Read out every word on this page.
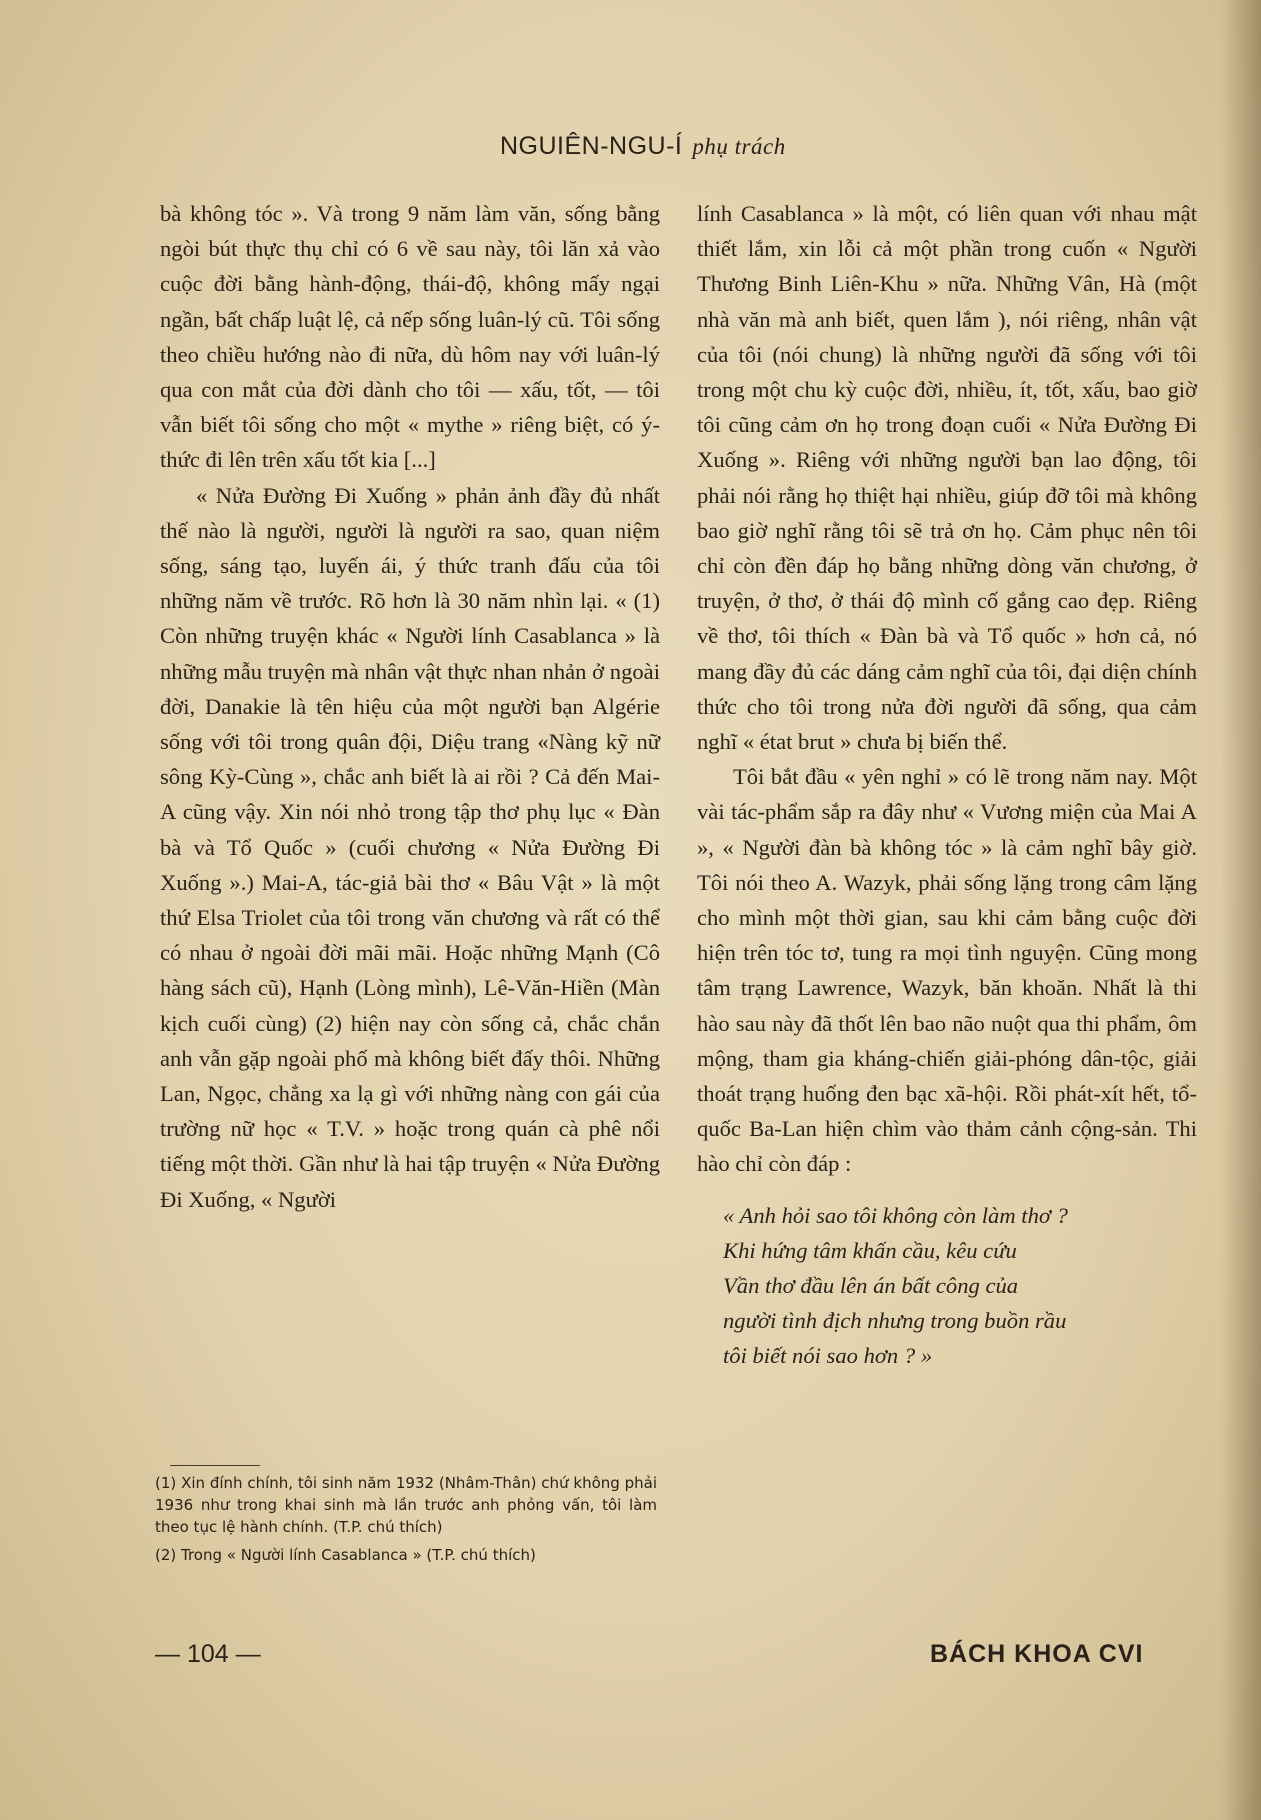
NGUIÊN-NGU-Í phụ trách

bà không tóc ». Và trong 9 năm làm văn, sống bằng ngòi bút thực thụ chỉ có 6 về sau này, tôi lăn xả vào cuộc đời bằng hành-động, thái-độ, không mấy ngại ngần, bất chấp luật lệ, cả nếp sống luân-lý cũ. Tôi sống theo chiều hướng nào đi nữa, dù hôm nay với luân-lý qua con mắt của đời dành cho tôi — xấu, tốt, — tôi vẫn biết tôi sống cho một « mythe » riêng biệt, có ý-thức đi lên trên xấu tốt kia [...]

« Nửa Đường Đi Xuống » phản ảnh đầy đủ nhất thế nào là người, người là người ra sao, quan niệm sống, sáng tạo, luyến ái, ý thức tranh đấu của tôi những năm về trước. Rõ hơn là 30 năm nhìn lại. « (1) Còn những truyện khác « Người lính Casablanca » là những mẫu truyện mà nhân vật thực nhan nhản ở ngoài đời, Danakie là tên hiệu của một người bạn Algérie sống với tôi trong quân đội, Diệu trang «Nàng kỹ nữ sông Kỳ-Cùng », chắc anh biết là ai rồi ? Cả đến Mai-A cũng vậy. Xin nói nhỏ trong tập thơ phụ lục « Đàn bà và Tổ Quốc » (cuối chương « Nửa Đường Đi Xuống ».) Mai-A, tác-giả bài thơ « Bâu Vật » là một thứ Elsa Triolet của tôi trong văn chương và rất có thể có nhau ở ngoài đời mãi mãi. Hoặc những Mạnh (Cô hàng sách cũ), Hạnh (Lòng mình), Lê-Văn-Hiền (Màn kịch cuối cùng) (2) hiện nay còn sống cả, chắc chắn anh vẫn gặp ngoài phố mà không biết đấy thôi. Những Lan, Ngọc, chẳng xa lạ gì với những nàng con gái của trường nữ học « T.V. » hoặc trong quán cà phê nổi tiếng một thời. Gần như là hai tập truyện « Nửa Đường Đi Xuống, « Người

lính Casablanca » là một, có liên quan với nhau mật thiết lắm, xin lỗi cả một phần trong cuốn « Người Thương Binh Liên-Khu » nữa. Những Vân, Hà (một nhà văn mà anh biết, quen lắm ), nói riêng, nhân vật của tôi (nói chung) là những người đã sống với tôi trong một chu kỳ cuộc đời, nhiều, ít, tốt, xấu, bao giờ tôi cũng cảm ơn họ trong đoạn cuối « Nửa Đường Đi Xuống ». Riêng với những người bạn lao động, tôi phải nói rằng họ thiệt hại nhiều, giúp đỡ tôi mà không bao giờ nghĩ rằng tôi sẽ trả ơn họ. Cảm phục nên tôi chỉ còn đền đáp họ bằng những dòng văn chương, ở truyện, ở thơ, ở thái độ mình cố gắng cao đẹp. Riêng về thơ, tôi thích « Đàn bà và Tổ quốc » hơn cả, nó mang đầy đủ các dáng cảm nghĩ của tôi, đại diện chính thức cho tôi trong nửa đời người đã sống, qua cảm nghĩ « état brut » chưa bị biến thể.

Tôi bắt đầu « yên nghỉ » có lẽ trong năm nay. Một vài tác-phẩm sắp ra đây như « Vương miện của Mai A », « Người đàn bà không tóc » là cảm nghĩ bây giờ. Tôi nói theo A. Wazyk, phải sống lặng trong câm lặng cho mình một thời gian, sau khi cảm bằng cuộc đời hiện trên tóc tơ, tung ra mọi tình nguyện. Cũng mong tâm trạng Lawrence, Wazyk, băn khoăn. Nhất là thi hào sau này đã thốt lên bao não nuột qua thi phẩm, ôm mộng, tham gia kháng-chiến giải-phóng dân-tộc, giải thoát trạng huống đen bạc xã-hội. Rồi phát-xít hết, tổ-quốc Ba-Lan hiện chìm vào thảm cảnh cộng-sản. Thi hào chỉ còn đáp :

« Anh hỏi sao tôi không còn làm thơ ?
Khi hứng tâm khấn cầu, kêu cứu
Vần thơ đầu lên án bất công của
người tình địch nhưng trong buồn rầu
tôi biết nói sao hơn ? »

(1) Xin đính chính, tôi sinh năm 1932 (Nhâm-Thân) chứ không phải 1936 như trong khai sinh mà lần trước anh phỏng vấn, tôi làm theo tục lệ hành chính. (T.P. chú thích)

(2) Trong « Người lính Casablanca » (T.P. chú thích)

— 104 —	BÁCH KHOA CVI
